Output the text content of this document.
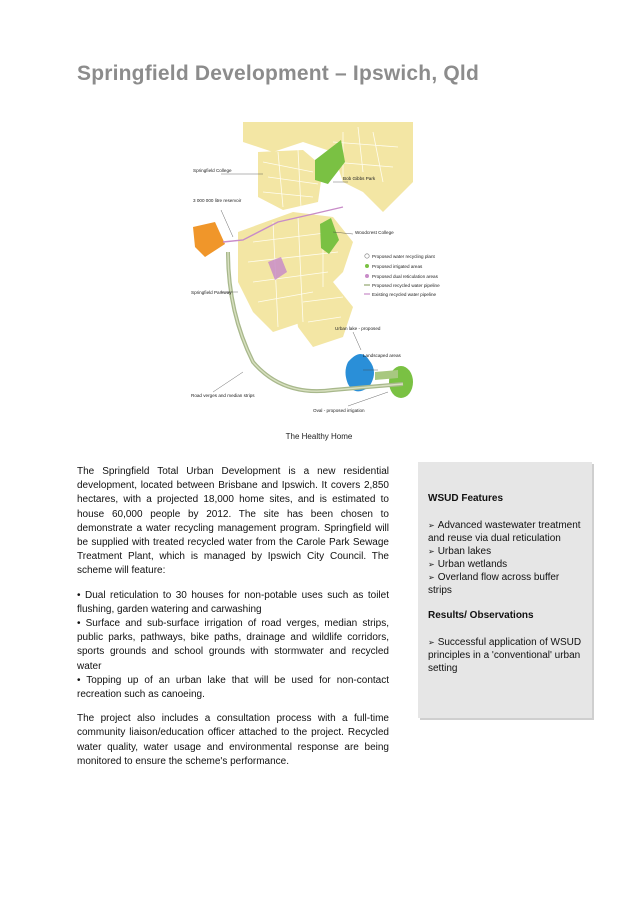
Springfield Development – Ipswich, Qld
Springfield College
3 000 000 litre reservoir
Bob Gibbs Park
Woodcrest College
Springfield Parkway
Urban lake - proposed
Landscaped areas
Road verges and median strips
Oval - proposed irrigation
Proposed water recycling plant
Proposed irrigated areas
Proposed dual reticulation areas
Proposed recycled water pipeline
Existing recycled water pipeline
The Healthy Home

The Springfield Total Urban Development is a new residential development, located between Brisbane and Ipswich. It covers 2,850 hectares, with a projected 18,000 home sites, and is estimated to house 60,000 people by 2012. The site has been chosen to demonstrate a water recycling management program. Springfield will be supplied with treated recycled water from the Carole Park Sewage Treatment Plant, which is managed by Ipswich City Council. The scheme will feature:

• Dual reticulation to 30 houses for non-potable uses such as toilet flushing, garden watering and carwashing
• Surface and sub-surface irrigation of road verges, median strips, public parks, pathways, bike paths, drainage and wildlife corridors, sports grounds and school grounds with stormwater and recycled water

• Topping up of an urban lake that will be used for non-contact recreation such as canoeing.

The project also includes a consultation process with a full-time community liaison/education officer attached to the project. Recycled water quality, water usage and environmental response are being monitored to ensure the scheme's performance.

WSUD Features
➢ Advanced wastewater treatment and reuse via dual reticulation
➢ Urban lakes
➢ Urban wetlands
➢ Overland flow across buffer strips
Results/ Observations
➢ Successful application of WSUD principles in a 'conventional' urban setting
